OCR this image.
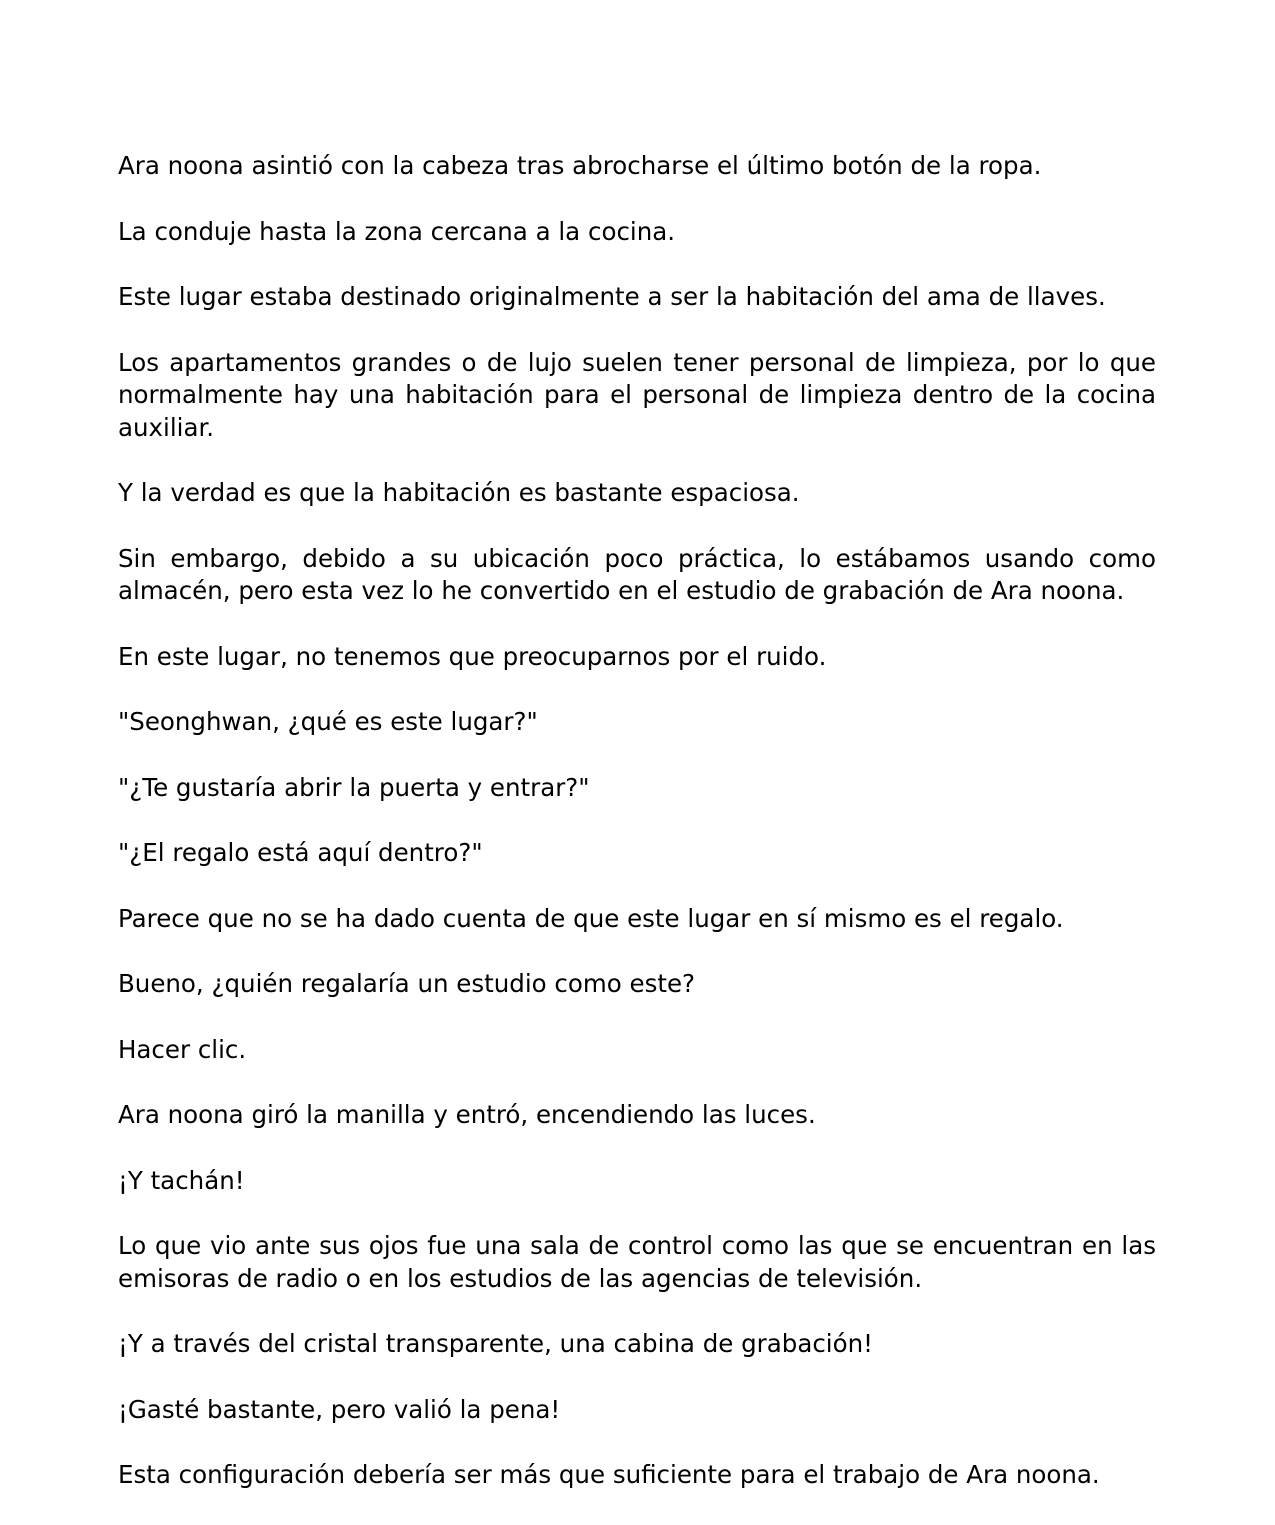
Ara noona asintió con la cabeza tras abrocharse el último botón de la ropa.

La conduje hasta la zona cercana a la cocina.

Este lugar estaba destinado originalmente a ser la habitación del ama de llaves.

Los apartamentos grandes o de lujo suelen tener personal de limpieza, por lo que normalmente hay una habitación para el personal de limpieza dentro de la cocina auxiliar.

Y la verdad es que la habitación es bastante espaciosa.

Sin embargo, debido a su ubicación poco práctica, lo estábamos usando como almacén, pero esta vez lo he convertido en el estudio de grabación de Ara noona.

En este lugar, no tenemos que preocuparnos por el ruido.

"Seonghwan, ¿qué es este lugar?"

"¿Te gustaría abrir la puerta y entrar?"

"¿El regalo está aquí dentro?"

Parece que no se ha dado cuenta de que este lugar en sí mismo es el regalo.

Bueno, ¿quién regalaría un estudio como este?

Hacer clic.

Ara noona giró la manilla y entró, encendiendo las luces.

¡Y tachán!

Lo que vio ante sus ojos fue una sala de control como las que se encuentran en las emisoras de radio o en los estudios de las agencias de televisión.

¡Y a través del cristal transparente, una cabina de grabación!

¡Gasté bastante, pero valió la pena!

Esta configuración debería ser más que suficiente para el trabajo de Ara noona.
